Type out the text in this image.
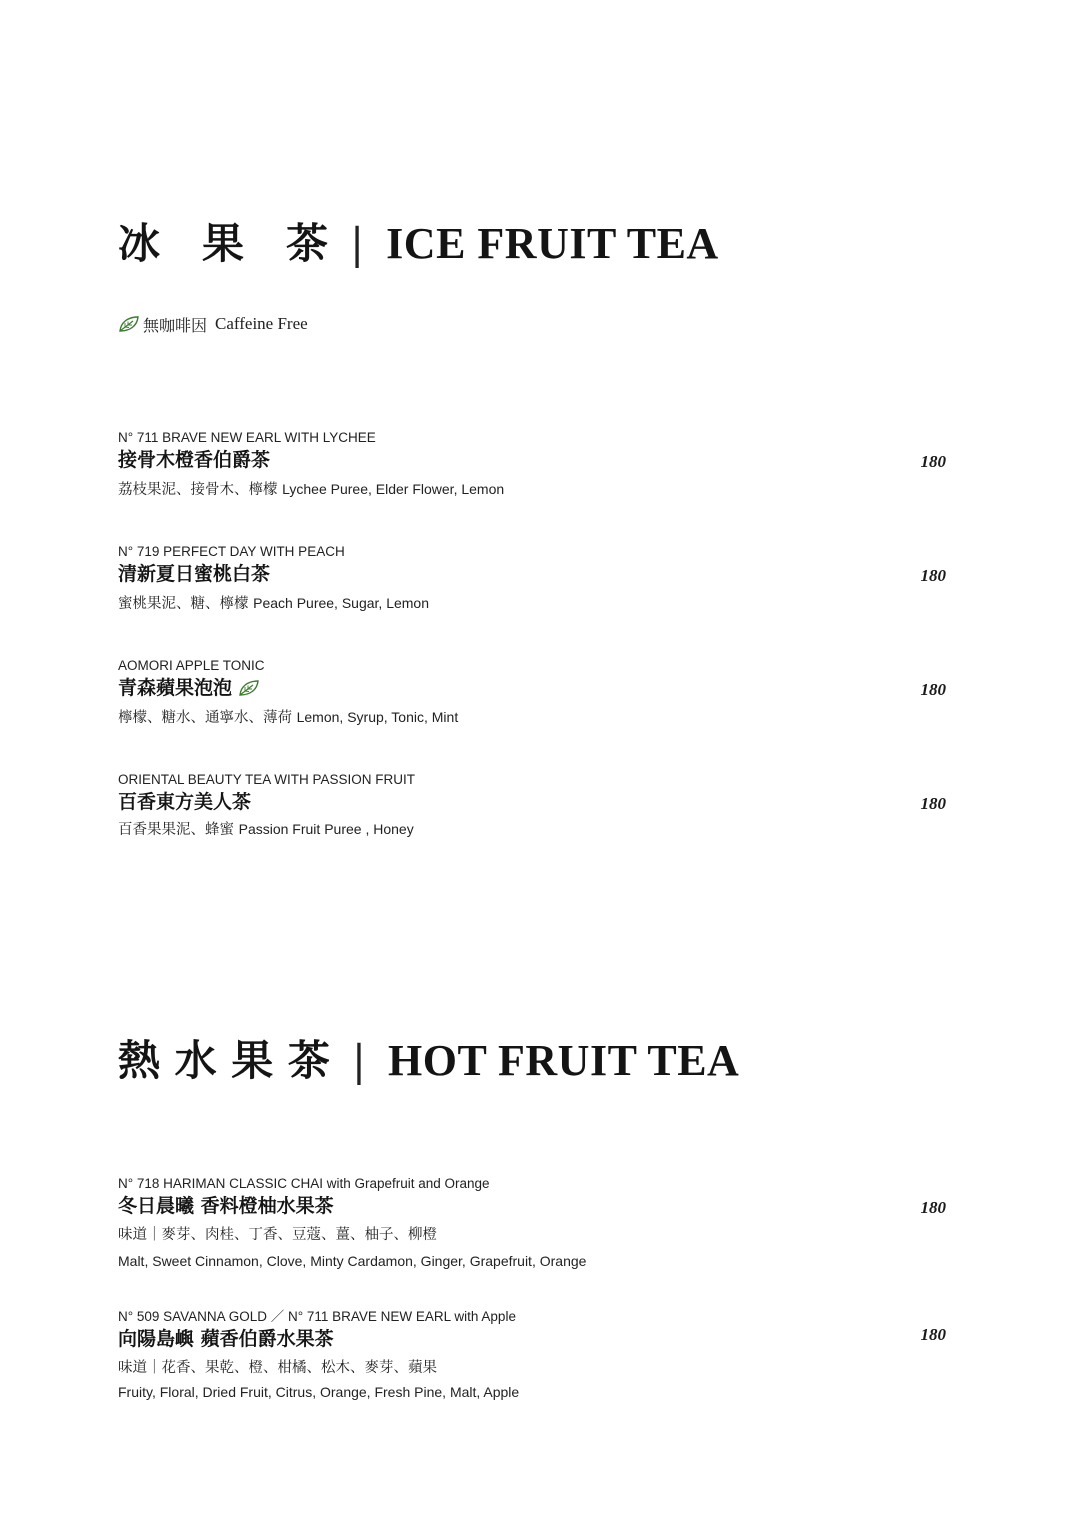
冰　果　茶 | ICE FRUIT TEA
無咖啡因 Caffeine Free
N° 711 BRAVE NEW EARL WITH LYCHEE
接骨木橙香伯爵茶
荔枝果泥、接骨木、檸檬 Lychee Puree, Elder Flower, Lemon
180
N° 719 PERFECT DAY WITH PEACH
清新夏日蜜桃白茶
蜜桃果泥、糖、檸檬 Peach Puree, Sugar, Lemon
180
AOMORI APPLE TONIC
青森蘋果泡泡
檸檬、糖水、通寧水、薄荷 Lemon, Syrup, Tonic, Mint
180
ORIENTAL BEAUTY TEA WITH PASSION FRUIT
百香東方美人茶
百香果果泥、蜂蜜 Passion Fruit Puree , Honey
180
熱 水 果 茶 | HOT FRUIT TEA
N° 718 HARIMAN CLASSIC CHAI with Grapefruit and Orange
冬日晨曦 香料橙柚水果茶
味道｜麥芽、肉桂、丁香、豆蔻、薑、柚子、柳橙
Malt, Sweet Cinnamon, Clove, Minty Cardamon, Ginger, Grapefruit, Orange
180
N° 509 SAVANNA GOLD ／ N° 711 BRAVE NEW EARL with Apple
向陽島嶼 蘋香伯爵水果茶
味道｜花香、果乾、橙、柑橘、松木、麥芽、蘋果
Fruity, Floral, Dried Fruit, Citrus, Orange, Fresh Pine, Malt, Apple
180
